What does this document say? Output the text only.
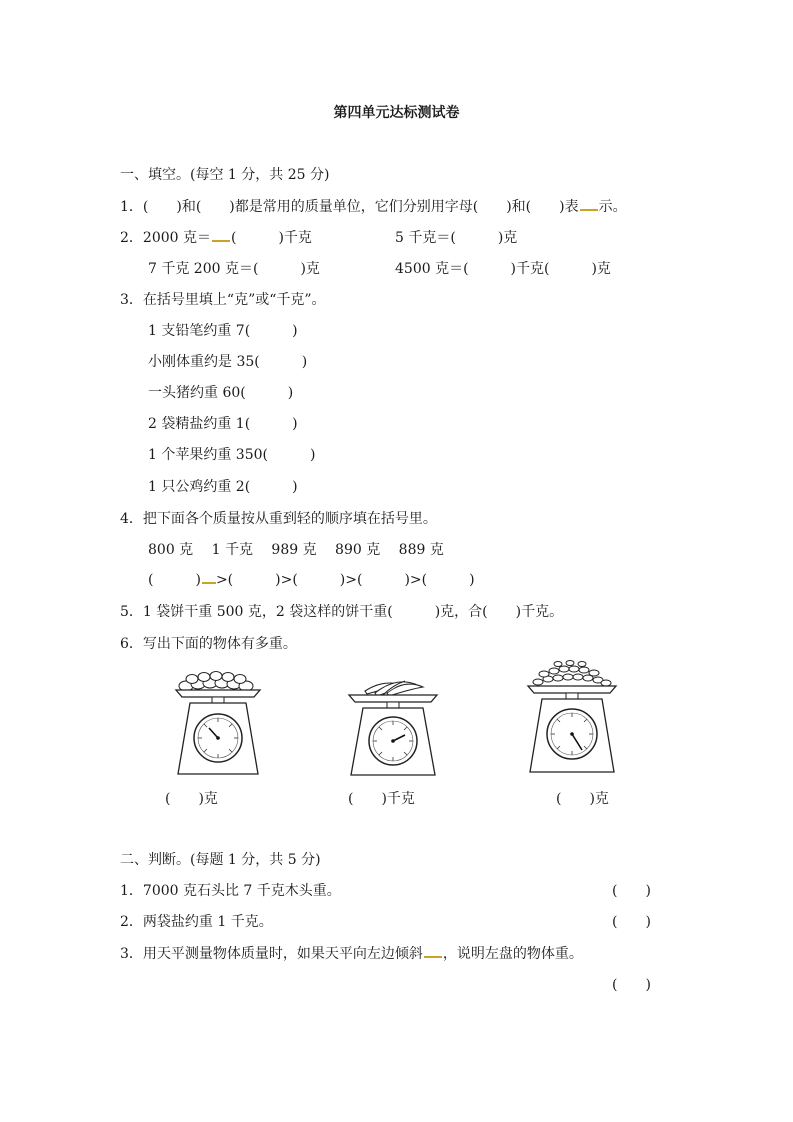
第四单元达标测试卷
一、填空。(每空 1 分，共 25 分)
1．(　　)和(　　)都是常用的质量单位，它们分别用字母(　　)和(　　)表 示。
2．2000 克＝ (　　　)千克	5 千克＝(　　　)克
7 千克 200 克＝(　　　)克	4500 克＝(　　　)千克(　　　)克
3．在括号里填上“克”或“千克”。
1 支铅笔约重 7(　　　)
小刚体重约是 35(　　　)
一头猪约重 60(　　　)
2 袋精盐约重 1(　　　)
1 个苹果约重 350(　　　)
1 只公鸡约重 2(　　　)
4．把下面各个质量按从重到轻的顺序填在括号里。
800 克　 1 千克　 989 克　 890 克　 889 克
(　　　) >(　　　)>(　　　)>(　　　)>(　　　)
5．1 袋饼干重 500 克，2 袋这样的饼干重(　　　)克，合(　　)千克。
6．写出下面的物体有多重。
(　　)克	(　　)千克	(　　)克
二、判断。(每题 1 分，共 5 分)
1．7000 克石头比 7 千克木头重。	(　　)
2．两袋盐约重 1 千克。	(　　)
3．用天平测量物体质量时，如果天平向左边倾斜 ，说明左盘的物体重。
(　　)
